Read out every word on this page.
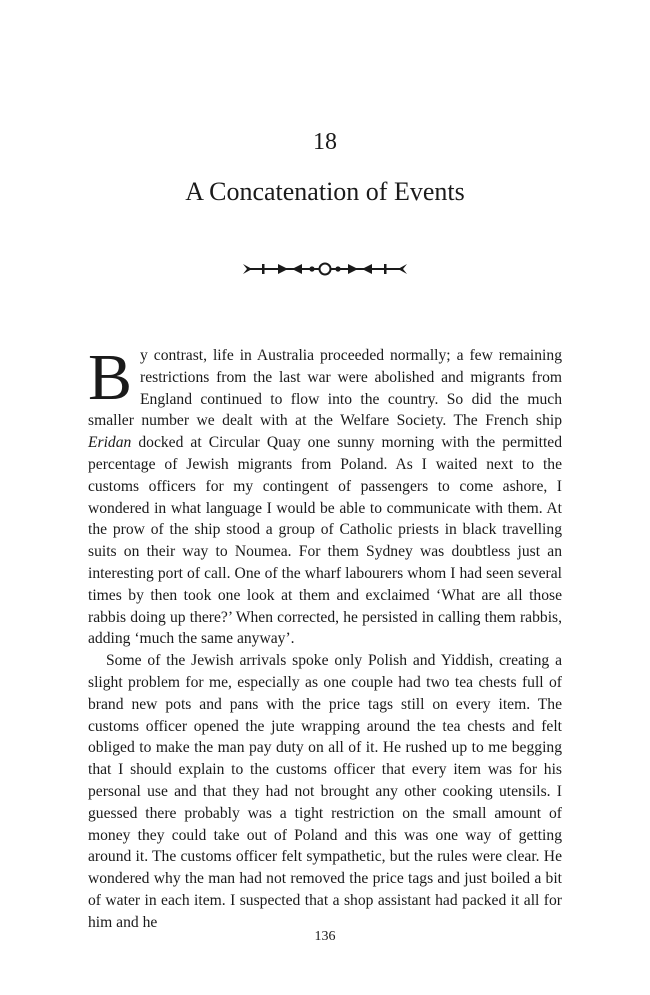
18
A Concatenation of Events

By contrast, life in Australia proceeded normally; a few remaining restrictions from the last war were abolished and migrants from England continued to flow into the country. So did the much smaller number we dealt with at the Welfare Society. The French ship Eridan docked at Circular Quay one sunny morning with the permitted percentage of Jewish migrants from Poland. As I waited next to the customs officers for my contingent of passengers to come ashore, I wondered in what language I would be able to communicate with them. At the prow of the ship stood a group of Catholic priests in black travelling suits on their way to Noumea. For them Sydney was doubtless just an interesting port of call. One of the wharf labourers whom I had seen several times by then took one look at them and exclaimed ‘What are all those rabbis doing up there?’ When corrected, he persisted in calling them rabbis, adding ‘much the same anyway’.

Some of the Jewish arrivals spoke only Polish and Yiddish, creating a slight problem for me, especially as one couple had two tea chests full of brand new pots and pans with the price tags still on every item. The customs officer opened the jute wrapping around the tea chests and felt obliged to make the man pay duty on all of it. He rushed up to me begging that I should explain to the customs officer that every item was for his personal use and that they had not brought any other cooking utensils. I guessed there probably was a tight restriction on the small amount of money they could take out of Poland and this was one way of getting around it. The customs officer felt sympathetic, but the rules were clear. He wondered why the man had not removed the price tags and just boiled a bit of water in each item. I suspected that a shop assistant had packed it all for him and he

136
